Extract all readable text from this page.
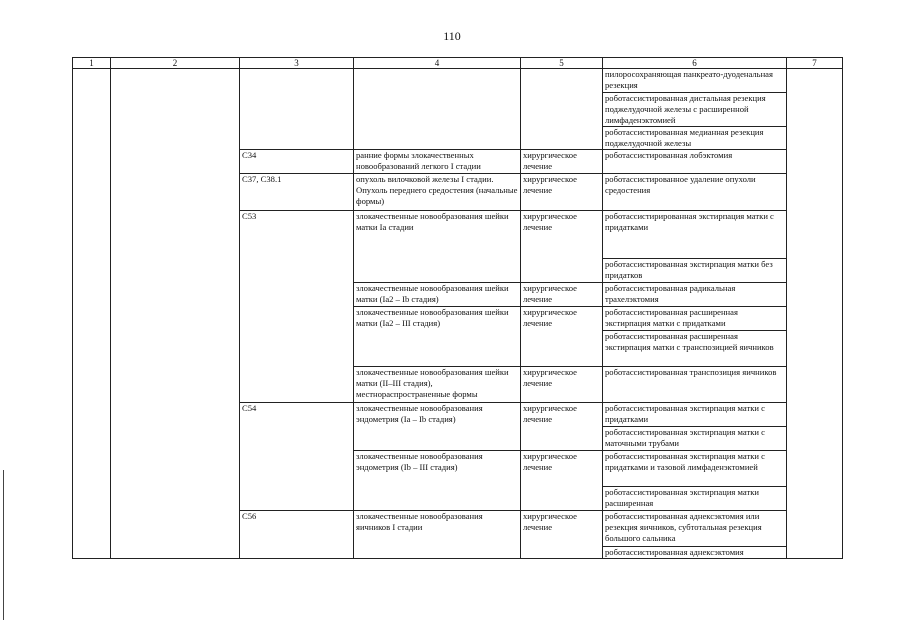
110
1	2	3	4	5	6	7

					пилоросохраняющая панкреато-дуоденальная резекция	

					роботассистированная дистальная резекция поджелудочной железы с расширенной лимфаденэктомией	

					роботассистированная медианная резекция поджелудочной железы	

		C34	ранние формы злокачественных новообразований легкого I стадии	хирургическое лечение	роботассистированная лобэктомия	

		C37, C38.1	опухоль вилочковой железы I стадии. Опухоль переднего средостения (начальные формы)	хирургическое лечение	роботассистированное удаление опухоли средостения	

		C53	злокачественные новообразования шейки матки Ia стадии	хирургическое лечение	роботассистирированная экстирпация матки с придатками	

					роботассистированная экстирпация матки без придатков	

			злокачественные новообразования шейки матки (Ia2 – Ib стадия)	хирургическое лечение	роботассистированная радикальная трахелэктомия	

			злокачественные новообразования шейки матки (Ia2 – III стадия)	хирургическое лечение	роботассистированная расширенная экстирпация матки с придатками	

					роботассистированная расширенная экстирпация матки с транспозицией яичников	

			злокачественные новообразования шейки матки (II–III стадия), местнораспространенные формы	хирургическое лечение	роботассистированная транспозиция яичников	

		C54	злокачественные новообразования эндометрия (Ia – Ib стадия)	хирургическое лечение	роботассистированная экстирпация матки с придатками	

					роботассистированная экстирпация матки с маточными трубами	

			злокачественные новообразования эндометрия (Ib – III стадия)	хирургическое лечение	роботассистированная экстирпация матки с придатками и тазовой лимфаденэктомией	

					роботассистированная экстирпация матки расширенная	

		C56	злокачественные новообразования яичников I стадии	хирургическое лечение	роботассистированная аднексэктомия или резекция яичников, субтотальная резекция большого сальника	

					роботассистированная аднексэктомия	
